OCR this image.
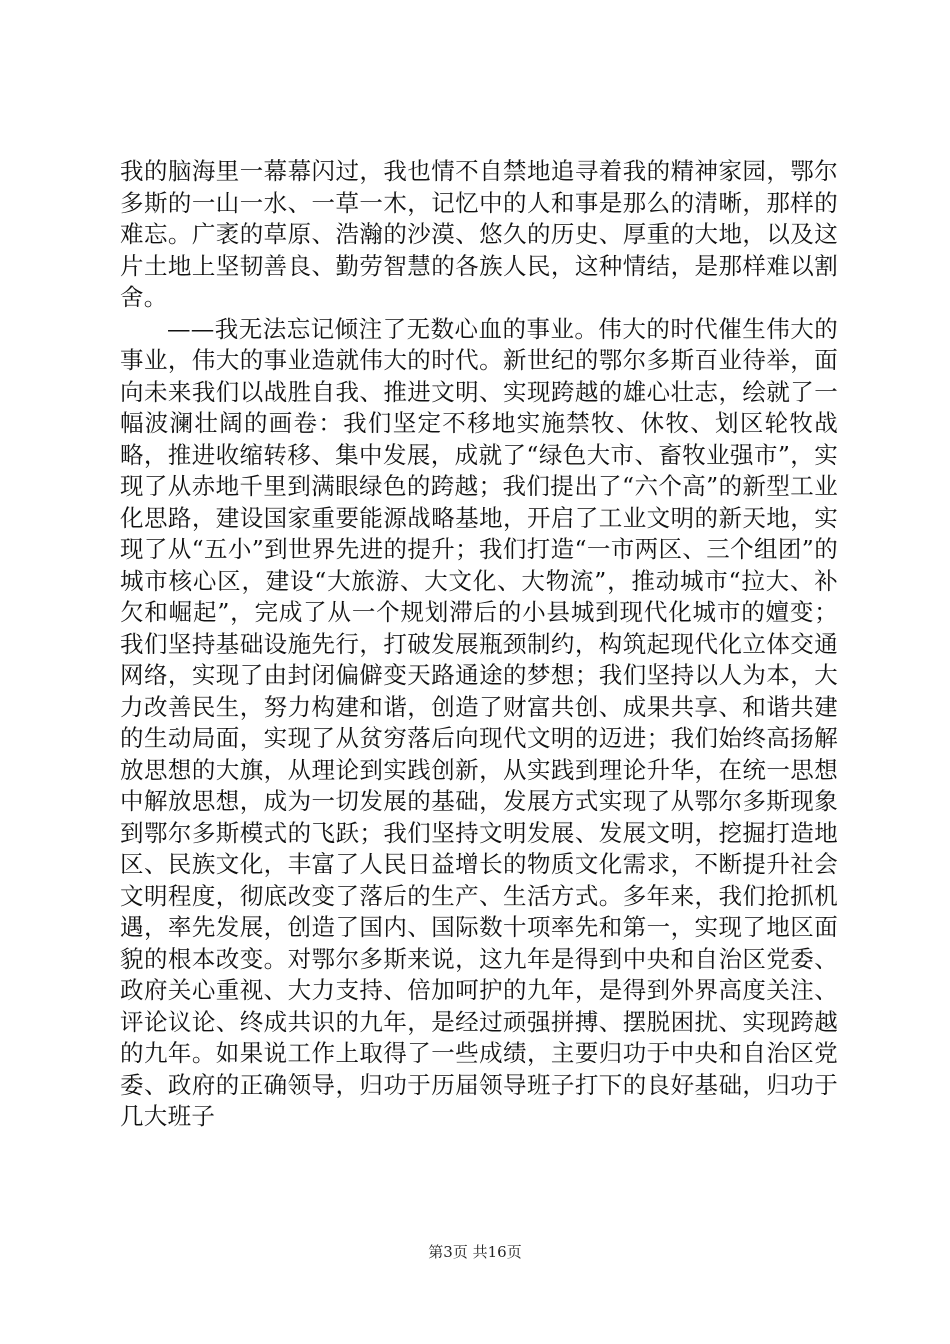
我的脑海里一幕幕闪过，我也情不自禁地追寻着我的精神家园，鄂尔多斯的一山一水、一草一木，记忆中的人和事是那么的清晰，那样的难忘。广袤的草原、浩瀚的沙漠、悠久的历史、厚重的大地，以及这片土地上坚韧善良、勤劳智慧的各族人民，这种情结，是那样难以割舍。

——我无法忘记倾注了无数心血的事业。伟大的时代催生伟大的事业，伟大的事业造就伟大的时代。新世纪的鄂尔多斯百业待举，面向未来我们以战胜自我、推进文明、实现跨越的雄心壮志，绘就了一幅波澜壮阔的画卷：我们坚定不移地实施禁牧、休牧、划区轮牧战略，推进收缩转移、集中发展，成就了“绿色大市、畜牧业强市”，实现了从赤地千里到满眼绿色的跨越；我们提出了“六个高”的新型工业化思路，建设国家重要能源战略基地，开启了工业文明的新天地，实现了从“五小”到世界先进的提升；我们打造“一市两区、三个组团”的城市核心区，建设“大旅游、大文化、大物流”，推动城市“拉大、补欠和崛起”，完成了从一个规划滞后的小县城到现代化城市的嬗变；我们坚持基础设施先行，打破发展瓶颈制约，构筑起现代化立体交通网络，实现了由封闭偏僻变天路通途的梦想；我们坚持以人为本，大力改善民生，努力构建和谐，创造了财富共创、成果共享、和谐共建的生动局面，实现了从贫穷落后向现代文明的迈进；我们始终高扬解放思想的大旗，从理论到实践创新，从实践到理论升华，在统一思想中解放思想，成为一切发展的基础，发展方式实现了从鄂尔多斯现象到鄂尔多斯模式的飞跃；我们坚持文明发展、发展文明，挖掘打造地区、民族文化，丰富了人民日益增长的物质文化需求，不断提升社会文明程度，彻底改变了落后的生产、生活方式。多年来，我们抢抓机遇，率先发展，创造了国内、国际数十项率先和第一，实现了地区面貌的根本改变。对鄂尔多斯来说，这九年是得到中央和自治区党委、政府关心重视、大力支持、倍加呵护的九年，是得到外界高度关注、评论议论、终成共识的九年，是经过顽强拼搏、摆脱困扰、实现跨越的九年。如果说工作上取得了一些成绩，主要归功于中央和自治区党委、政府的正确领导，归功于历届领导班子打下的良好基础，归功于几大班子

第3页 共16页
